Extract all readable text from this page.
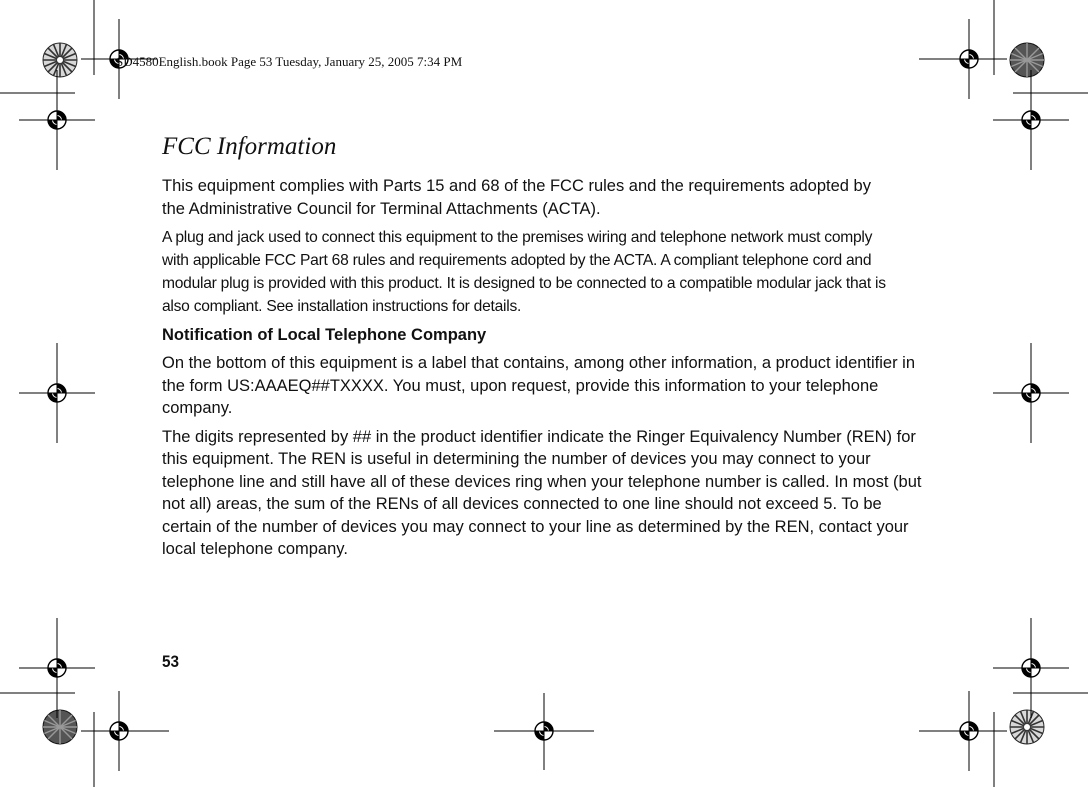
SD4580English.book Page 53 Tuesday, January 25, 2005 7:34 PM
FCC Information

This equipment complies with Parts 15 and 68 of the FCC rules and the requirements adopted by the Administrative Council for Terminal Attachments (ACTA).

A plug and jack used to connect this equipment to the premises wiring and telephone network must comply with applicable FCC Part 68 rules and requirements adopted by the ACTA. A compliant telephone cord and modular plug is provided with this product. It is designed to be connected to a compatible modular jack that is also compliant. See installation instructions for details.

Notification of Local Telephone Company

On the bottom of this equipment is a label that contains, among other information, a product identifier in the form US:AAAEQ##TXXXX. You must, upon request, provide this information to your telephone company.

The digits represented by ## in the product identifier indicate the Ringer Equivalency Number (REN) for this equipment. The REN is useful in determining the number of devices you may connect to your telephone line and still have all of these devices ring when your telephone number is called. In most (but not all) areas, the sum of the RENs of all devices connected to one line should not exceed 5. To be certain of the number of devices you may connect to your line as determined by the REN, contact your local telephone company.

53
